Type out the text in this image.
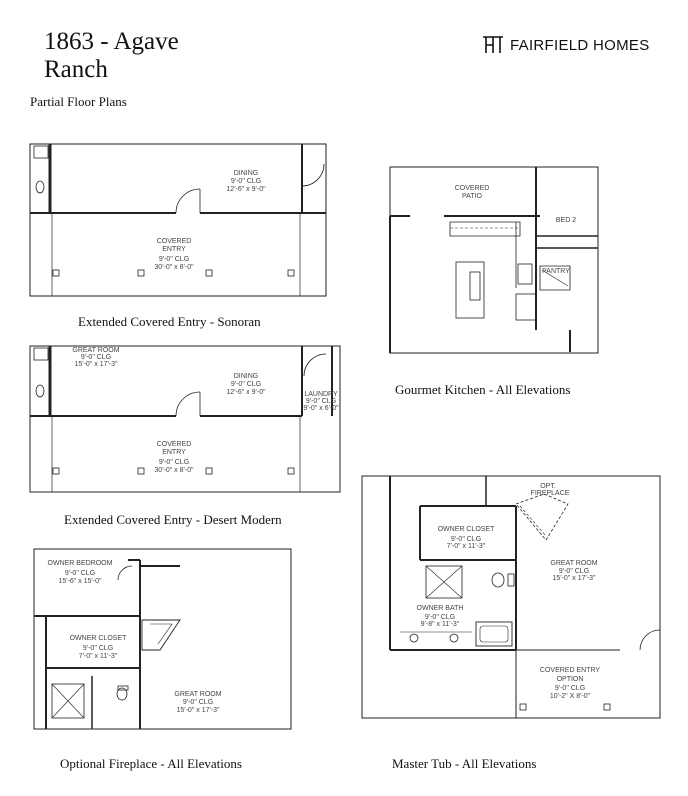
1863 - Agave
Ranch
Partial Floor Plans
FAIRFIELD HOMES
DINING
9'-0" CLG
12'-6" x 9'-0"
COVERED
ENTRY
9'-0" CLG
30'-0" x 8'-0"
COVERED
PATIO
BED 2
PANTRY
GREAT ROOM
9'-0" CLG
15'-0" x 17'-3"
DINING
9'-0" CLG
12'-6" x 9'-0"	LAUNDRY
9'-0" CLG
9'-0" x 6'-0"
COVERED
ENTRY
9'-0" CLG
30'-0" x 8'-0"
OWNER BEDROOM
9'-0" CLG
15'-6" x 15'-0"
OWNER CLOSET
9'-0" CLG
7'-0" x 11'-3"
GREAT ROOM
9'-0" CLG
15'-0" x 17'-3"
OPT.
FIREPLACE
OWNER CLOSET
9'-0" CLG
7'-0" x 11'-3"
GREAT ROOM
9'-0" CLG
15'-0" x 17'-3"
OWNER BATH
9'-0" CLG
9'-8" x 11'-3"
COVERED ENTRY
OPTION
9'-0" CLG
10'-2" X 8'-0"
Extended Covered Entry - Sonoran
Gourmet Kitchen - All Elevations
Extended Covered Entry - Desert Modern
Optional Fireplace - All Elevations	Master Tub - All Elevations
